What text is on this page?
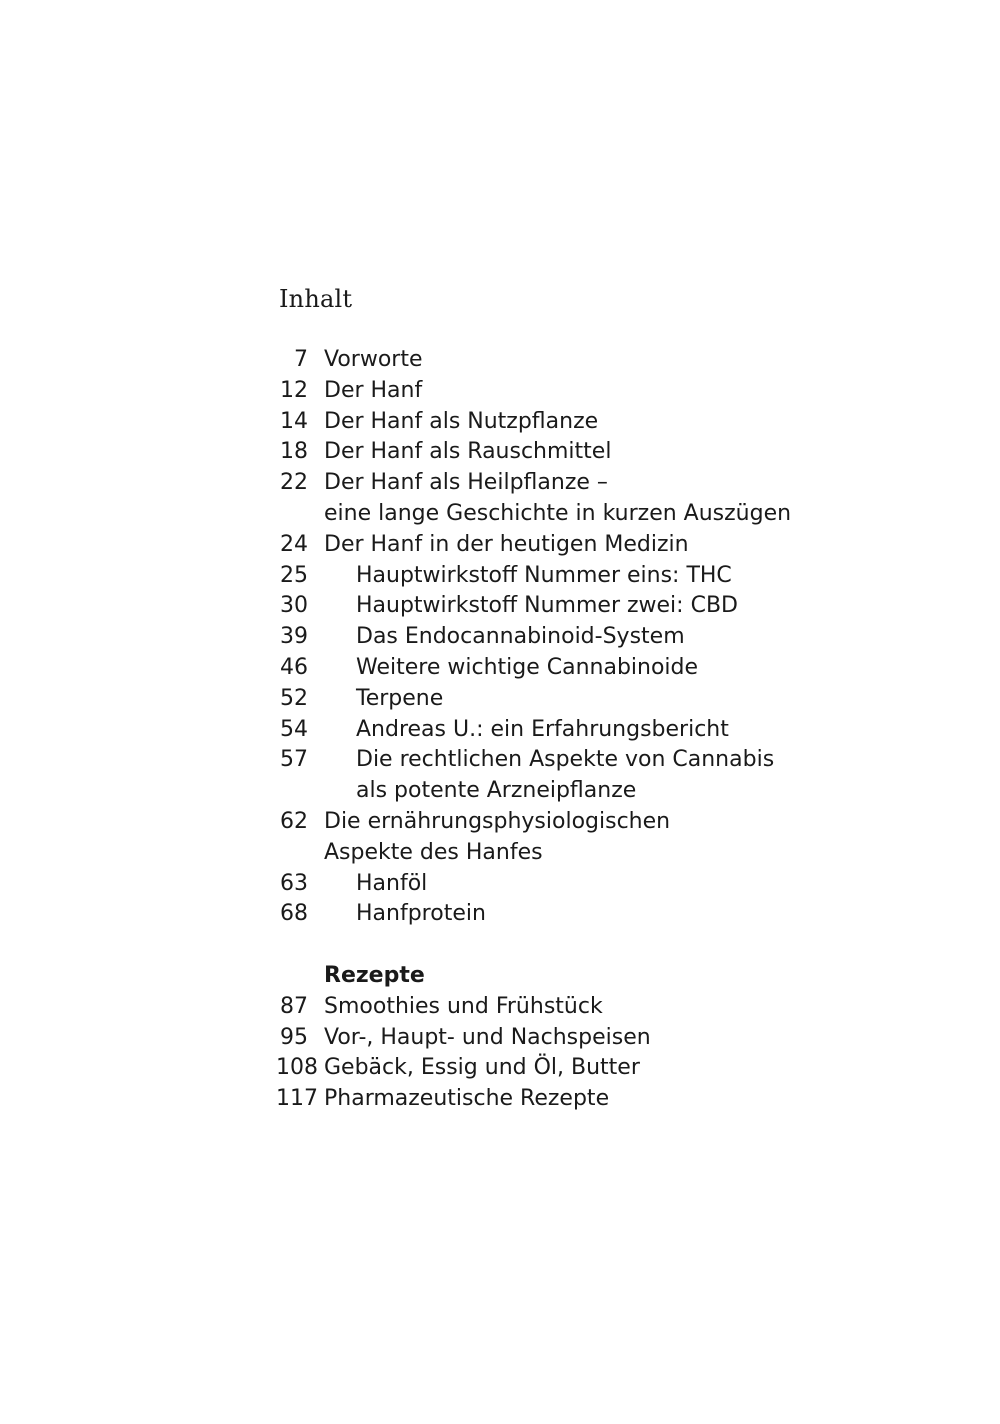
Inhalt
7 Vorworte
12 Der Hanf
14 Der Hanf als Nutzpflanze
18 Der Hanf als Rauschmittel
22 Der Hanf als Heilpflanze –
eine lange Geschichte in kurzen Auszügen
24 Der Hanf in der heutigen Medizin
25	Hauptwirkstoff Nummer eins: THC
30	Hauptwirkstoff Nummer zwei: CBD
39	Das Endocannabinoid-System
46	Weitere wichtige Cannabinoide
52	Terpene
54	Andreas U.: ein Erfahrungsbericht
57	Die rechtlichen Aspekte von Cannabis
als potente Arzneipflanze
62 Die ernährungsphysiologischen
Aspekte des Hanfes
63	Hanföl
68	Hanfprotein
Rezepte
87 Smoothies und Frühstück
95 Vor-, Haupt- und Nachspeisen
108 Gebäck, Essig und Öl, Butter
117 Pharmazeutische Rezepte
